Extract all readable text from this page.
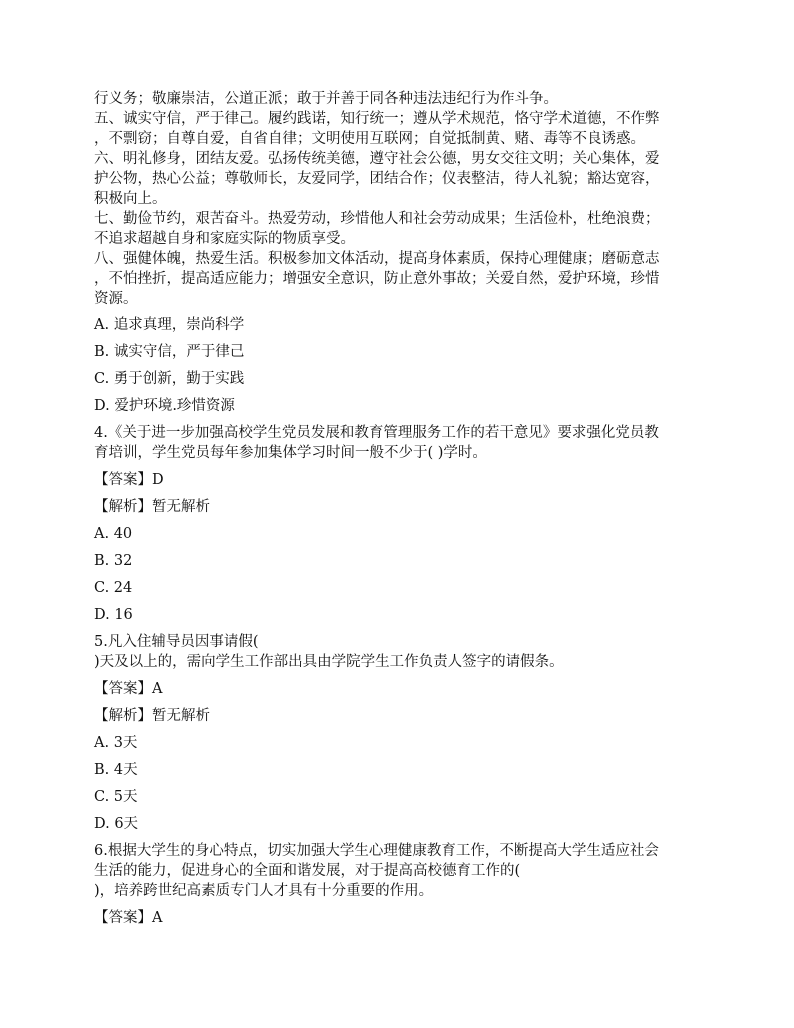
行义务；敬廉崇洁，公道正派；敢于并善于同各种违法违纪行为作斗争。
五、诚实守信，严于律己。履约践诺，知行统一；遵从学术规范，恪守学术道德，不作弊
，不剽窃；自尊自爱，自省自律；文明使用互联网；自觉抵制黄、赌、毒等不良诱惑。
六、明礼修身，团结友爱。弘扬传统美德，遵守社会公德，男女交往文明；关心集体，爱
护公物，热心公益；尊敬师长，友爱同学，团结合作；仪表整洁，待人礼貌；豁达宽容，
积极向上。
七、勤俭节约，艰苦奋斗。热爱劳动，珍惜他人和社会劳动成果；生活俭朴，杜绝浪费；
不追求超越自身和家庭实际的物质享受。
八、强健体魄，热爱生活。积极参加文体活动，提高身体素质，保持心理健康；磨砺意志
，不怕挫折，提高适应能力；增强安全意识，防止意外事故；关爱自然，爱护环境，珍惜
资源。
A. 追求真理，崇尚科学
B. 诚实守信，严于律己
C. 勇于创新，勤于实践
D. 爱护环境.珍惜资源
4.《关于进一步加强高校学生党员发展和教育管理服务工作的若干意见》要求强化党员教
育培训，学生党员每年参加集体学习时间一般不少于( )学时。
【答案】D
【解析】暂无解析
A. 40
B. 32
C. 24
D. 16
5.凡入住辅导员因事请假(
)天及以上的，需向学生工作部出具由学院学生工作负责人签字的请假条。
【答案】A
【解析】暂无解析
A. 3天
B. 4天
C. 5天
D. 6天
6.根据大学生的身心特点，切实加强大学生心理健康教育工作，不断提高大学生适应社会
生活的能力，促进身心的全面和谐发展，对于提高高校德育工作的(
)，培养跨世纪高素质专门人才具有十分重要的作用。
【答案】A
